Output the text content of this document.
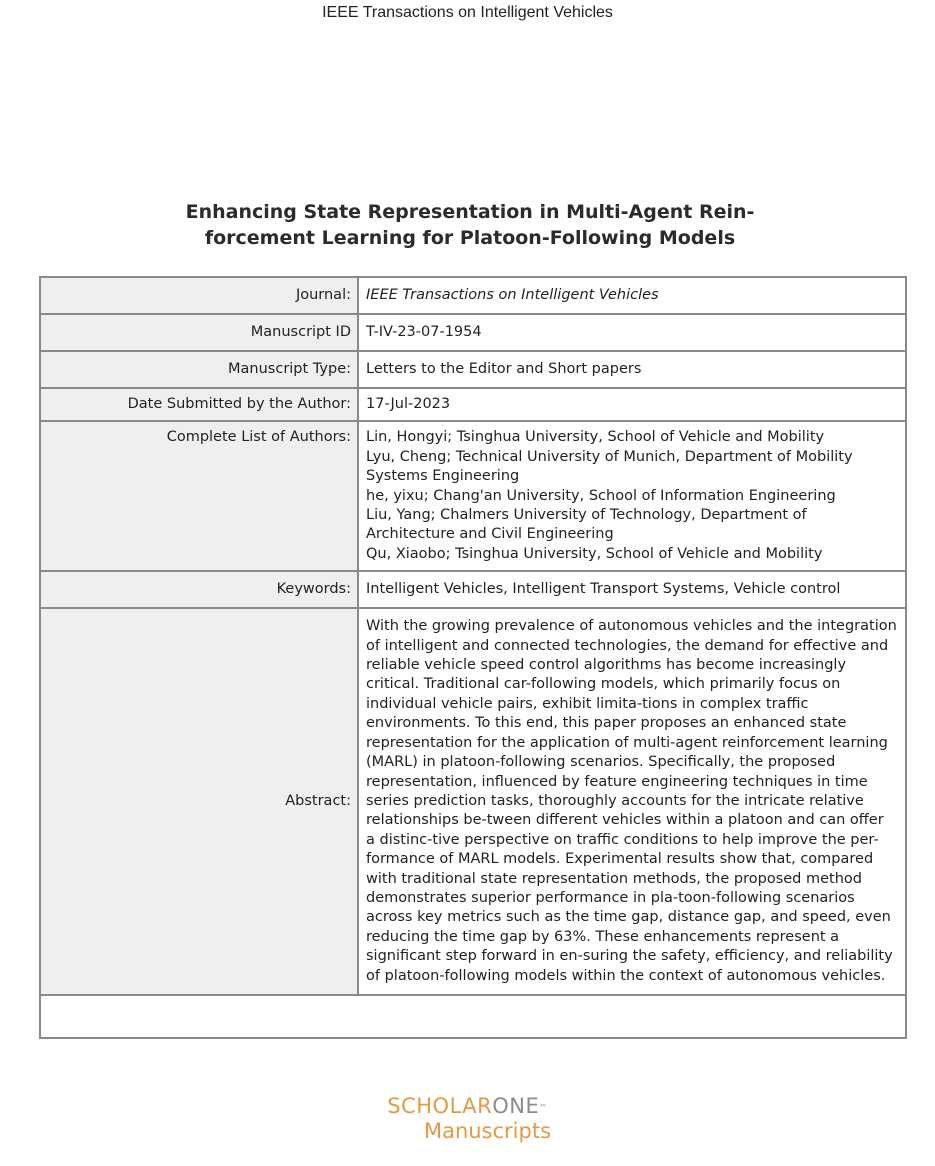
IEEE Transactions on Intelligent Vehicles
Enhancing State Representation in Multi-Agent Rein-
forcement Learning for Platoon-Following Models
Journal:	IEEE Transactions on Intelligent Vehicles
Manuscript ID	T-IV-23-07-1954
Manuscript Type:	Letters to the Editor and Short papers
Date Submitted by the Author:	17-Jul-2023
Complete List of Authors:	Lin, Hongyi; Tsinghua University, School of Vehicle and Mobility
Lyu, Cheng; Technical University of Munich, Department of Mobility
Systems Engineering
he, yixu; Chang'an University, School of Information Engineering
Liu, Yang; Chalmers University of Technology, Department of
Architecture and Civil Engineering
Qu, Xiaobo; Tsinghua University, School of Vehicle and Mobility

Keywords:	Intelligent Vehicles, Intelligent Transport Systems, Vehicle control
Abstract:	With the growing prevalence of autonomous vehicles and the integration of intelligent and connected technologies, the demand for effective and reliable vehicle speed control algorithms has become increasingly critical. Traditional car-following models, which primarily focus on individual vehicle pairs, exhibit limita-tions in complex traffic environments. To this end, this paper proposes an enhanced state representation for the application of multi-agent reinforcement learning (MARL) in platoon-following scenarios. Specifically, the proposed representation, influenced by feature engineering techniques in time series prediction tasks, thoroughly accounts for the intricate relative relationships be-tween different vehicles within a platoon and can offer a distinc-tive perspective on traffic conditions to help improve the per-formance of MARL models. Experimental results show that, compared with traditional state representation methods, the proposed method demonstrates superior performance in pla-toon-following scenarios across key metrics such as the time gap, distance gap, and speed, even reducing the time gap by 63%. These enhancements represent a significant step forward in en-suring the safety, efficiency, and reliability of platoon-following models within the context of autonomous vehicles.

SCHOLARONE™
Manuscripts
